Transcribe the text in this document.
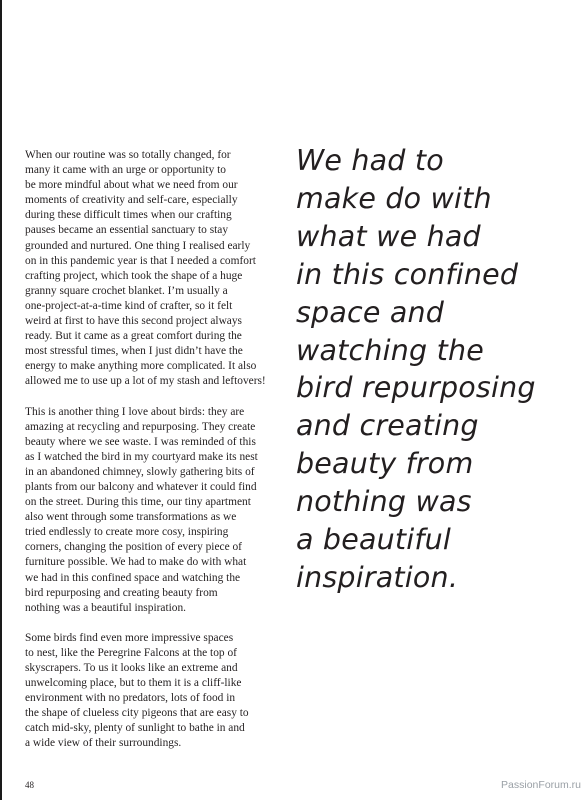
When our routine was so totally changed, for
many it came with an urge or opportunity to
be more mindful about what we need from our
moments of creativity and self-care, especially
during these difficult times when our crafting
pauses became an essential sanctuary to stay
grounded and nurtured. One thing I realised early
on in this pandemic year is that I needed a comfort
crafting project, which took the shape of a huge
granny square crochet blanket. I’m usually a
one-project-at-a-time kind of crafter, so it felt
weird at first to have this second project always
ready. But it came as a great comfort during the
most stressful times, when I just didn’t have the
energy to make anything more complicated. It also
allowed me to use up a lot of my stash and leftovers!

This is another thing I love about birds: they are
amazing at recycling and repurposing. They create
beauty where we see waste. I was reminded of this
as I watched the bird in my courtyard make its nest
in an abandoned chimney, slowly gathering bits of
plants from our balcony and whatever it could find
on the street. During this time, our tiny apartment
also went through some transformations as we
tried endlessly to create more cosy, inspiring
corners, changing the position of every piece of
furniture possible. We had to make do with what
we had in this confined space and watching the
bird repurposing and creating beauty from
nothing was a beautiful inspiration.

Some birds find even more impressive spaces
to nest, like the Peregrine Falcons at the top of
skyscrapers. To us it looks like an extreme and
unwelcoming place, but to them it is a cliff-like
environment with no predators, lots of food in
the shape of clueless city pigeons that are easy to
catch mid-sky, plenty of sunlight to bathe in and
a wide view of their surroundings.

We had to
make do with
what we had
in this confined
space and
watching the
bird repurposing
and creating
beauty from
nothing was
a beautiful
inspiration.
48	PassionForum.ru
